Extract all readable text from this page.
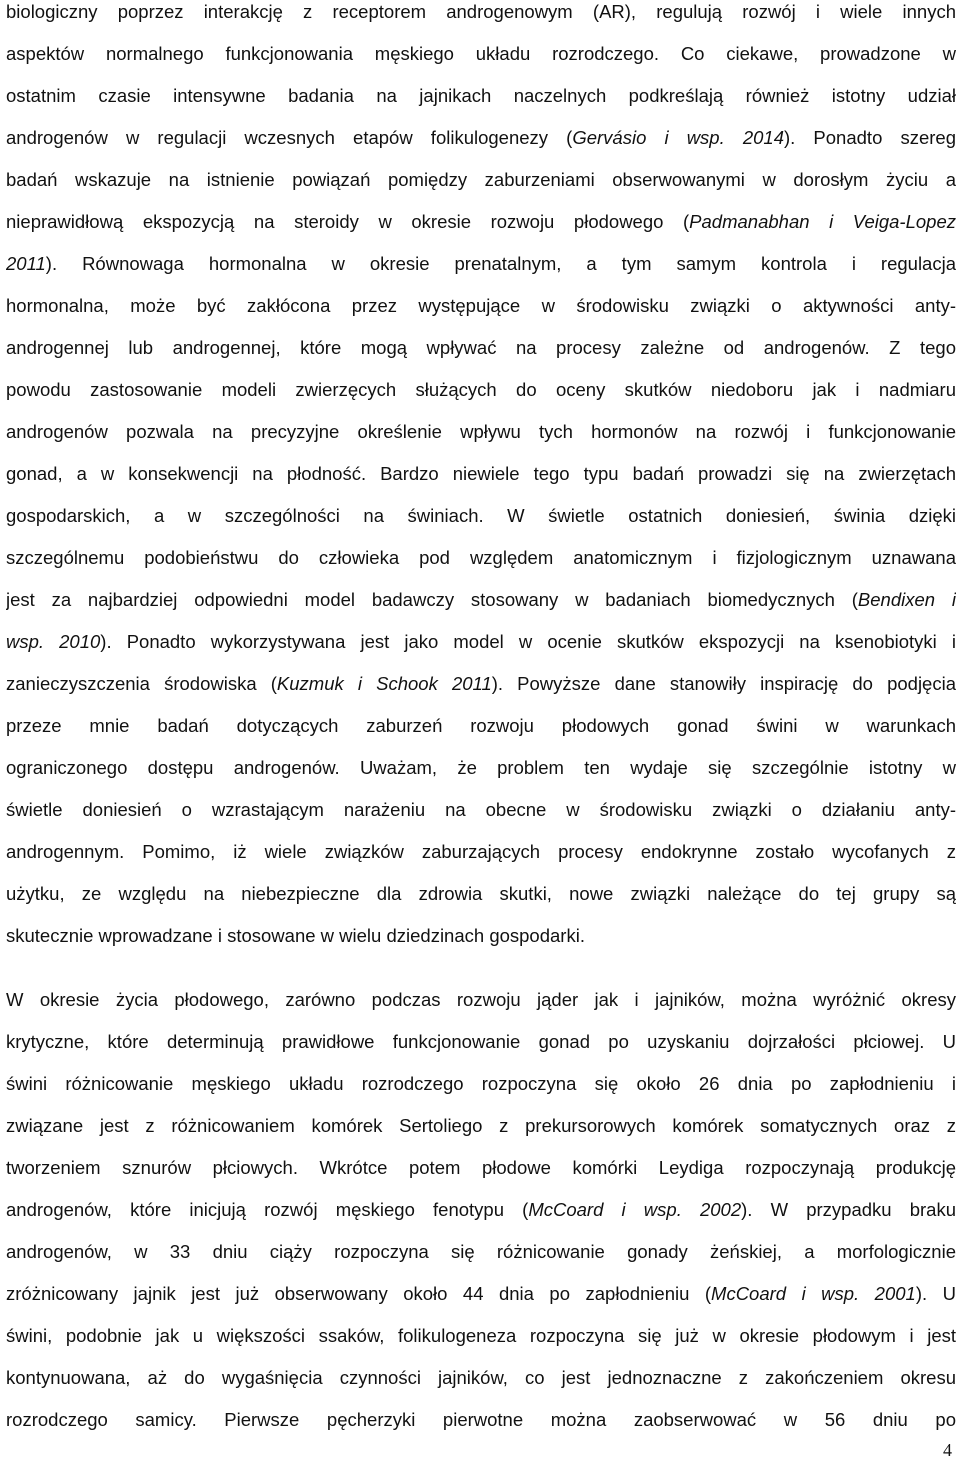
biologiczny poprzez interakcję z receptorem androgenowym (AR), regulują rozwój i wiele innych
aspektów normalnego funkcjonowania męskiego układu rozrodczego. Co ciekawe, prowadzone w
ostatnim czasie intensywne badania na jajnikach naczelnych podkreślają również istotny udział
androgenów w regulacji wczesnych etapów folikulogenezy (Gervásio i wsp. 2014). Ponadto szereg
badań wskazuje na istnienie powiązań pomiędzy zaburzeniami obserwowanymi w dorosłym życiu a
nieprawidłową ekspozycją na steroidy w okresie rozwoju płodowego (Padmanabhan i Veiga-Lopez
2011). Równowaga hormonalna w okresie prenatalnym, a tym samym kontrola i regulacja
hormonalna, może być zakłócona przez występujące w środowisku związki o aktywności anty-
androgennej lub androgennej, które mogą wpływać na procesy zależne od androgenów. Z tego
powodu zastosowanie modeli zwierzęcych służących do oceny skutków niedoboru jak i nadmiaru
androgenów pozwala na precyzyjne określenie wpływu tych hormonów na rozwój i funkcjonowanie
gonad, a w konsekwencji na płodność. Bardzo niewiele tego typu badań prowadzi się na zwierzętach
gospodarskich, a w szczególności na świniach. W świetle ostatnich doniesień, świnia dzięki
szczególnemu podobieństwu do człowieka pod względem anatomicznym i fizjologicznym uznawana
jest za najbardziej odpowiedni model badawczy stosowany w badaniach biomedycznych (Bendixen i
wsp. 2010). Ponadto wykorzystywana jest jako model w ocenie skutków ekspozycji na ksenobiotyki i
zanieczyszczenia środowiska (Kuzmuk i Schook 2011). Powyższe dane stanowiły inspirację do podjęcia
przeze mnie badań dotyczących zaburzeń rozwoju płodowych gonad świni w warunkach
ograniczonego dostępu androgenów. Uważam, że problem ten wydaje się szczególnie istotny w
świetle doniesień o wzrastającym narażeniu na obecne w środowisku związki o działaniu anty-
androgennym. Pomimo, iż wiele związków zaburzających procesy endokrynne zostało wycofanych z
użytku, ze względu na niebezpieczne dla zdrowia skutki, nowe związki należące do tej grupy są
skutecznie wprowadzane i stosowane w wielu dziedzinach gospodarki.
W okresie życia płodowego, zarówno podczas rozwoju jąder jak i jajników, można wyróżnić okresy
krytyczne, które determinują prawidłowe funkcjonowanie gonad po uzyskaniu dojrzałości płciowej. U
świni różnicowanie męskiego układu rozrodczego rozpoczyna się około 26 dnia po zapłodnieniu i
związane jest z różnicowaniem komórek Sertoliego z prekursorowych komórek somatycznych oraz z
tworzeniem sznurów płciowych. Wkrótce potem płodowe komórki Leydiga rozpoczynają produkcję
androgenów, które inicjują rozwój męskiego fenotypu (McCoard i wsp. 2002). W przypadku braku
androgenów, w 33 dniu ciąży rozpoczyna się różnicowanie gonady żeńskiej, a morfologicznie
zróżnicowany jajnik jest już obserwowany około 44 dnia po zapłodnieniu (McCoard i wsp. 2001). U
świni, podobnie jak u większości ssaków, folikulogeneza rozpoczyna się już w okresie płodowym i jest
kontynuowana, aż do wygaśnięcia czynności jajników, co jest jednoznaczne z zakończeniem okresu
rozrodczego samicy. Pierwsze pęcherzyki pierwotne można zaobserwować w 56 dniu po
4
